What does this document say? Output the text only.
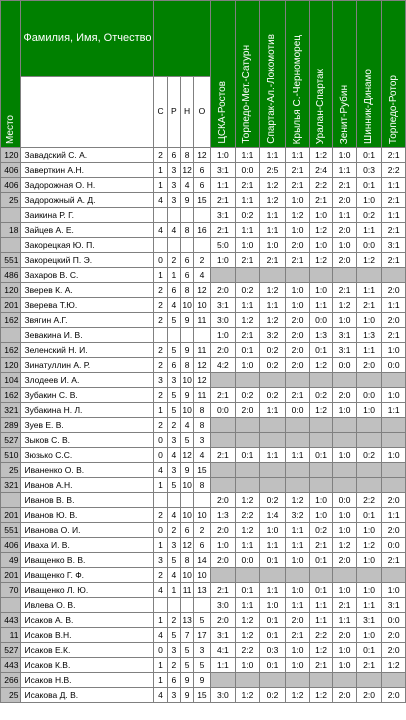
Место	Фамилия, Имя, Отчество					ЦСКА-Ростов	Торпедо-Мет.-Сатурн	Спартак-Ал.-Локомотив	Крылья С.-Черноморец	Уралан-Спартак	Зенит-Рубин	Шинник-Динамо	Торпедо-Ротор

		С	Р	Н	О								
120	Завадский С. А.	2	6	8	12	1:0	1:1	1:1	1:1	1:2	1:0	0:1	2:1
406	Заверткин А.Н.	1	3	12	6	3:1	0:0	2:5	2:1	2:4	1:1	0:3	2:2
406	Задорожная О. Н.	1	3	4	6	1:1	2:1	1:2	2:1	2:2	2:1	0:1	1:1
25	Задорожный А. Д.	4	3	9	15	2:1	1:1	1:2	1:0	2:1	2:0	1:0	2:1
	Заикина Р. Г.					3:1	0:2	1:1	1:2	1:0	1:1	0:2	1:1
18	Зайцев А. Е.	4	4	8	16	2:1	1:1	1:1	1:0	1:2	2:0	1:1	2:1
	Закорецкая Ю. П.					5:0	1:0	1:0	2:0	1:0	1:0	0:0	3:1
551	Закорецкий П. Э.	0	2	6	2	1:0	2:1	2:1	2:1	1:2	2:0	1:2	2:1
486	Захаров В. С.	1	1	6	4								
120	Зверев К. А.	2	6	8	12	2:0	0:2	1:2	1:0	1:0	2:1	1:1	2:0
201	Зверева Т.Ю.	2	4	10	10	3:1	1:1	1:1	1:0	1:1	1:2	2:1	1:1
162	Звягин А.Г.	2	5	9	11	3:0	1:2	1:2	2:0	0:0	1:0	1:0	2:0
	Зевакина И. В.					1:0	2:1	3:2	2:0	1:3	3:1	1:3	2:1
162	Зеленский Н. И.	2	5	9	11	2:0	0:1	0:2	2:0	0:1	3:1	1:1	1:0
120	Зинатуллин А. Р.	2	6	8	12	4:2	1:0	0:2	2:0	1:2	0:0	2:0	0:0
104	Злодеев И. А.	3	3	10	12								
162	Зубакин С. В.	2	5	9	11	2:1	0:2	0:2	2:1	0:2	2:0	0:0	1:0
321	Зубакина Н. Л.	1	5	10	8	0:0	2:0	1:1	0:0	1:2	1:0	1:0	1:1
289	Зуев Е. В.	2	2	4	8								
527	Зыков С. В.	0	3	5	3								
510	Зюзько С.С.	0	4	12	4	2:1	0:1	1:1	1:1	0:1	1:0	0:2	1:0
25	Иваненко О. В.	4	3	9	15								
321	Иванов А.Н.	1	5	10	8								
	Иванов В. В.					2:0	1:2	0:2	1:2	1:0	0:0	2:2	2:0
201	Иванов Ю. В.	2	4	10	10	1:3	2:2	1:4	3:2	1:0	1:0	0:1	1:1
551	Иванова О. И.	0	2	6	2	2:0	1:2	1:0	1:1	0:2	1:0	1:0	2:0
406	Иваха И. В.	1	3	12	6	1:0	1:1	1:1	1:1	2:1	1:2	1:2	0:0
49	Иващенко В. В.	3	5	8	14	2:0	0:0	0:1	1:0	0:1	2:0	1:0	2:1
201	Иващенко Г. Ф.	2	4	10	10								
70	Иващенко Л. Ю.	4	1	11	13	2:1	0:1	1:1	1:0	0:1	1:0	1:0	1:0
	Ивлева О. В.					3:0	1:1	1:0	1:1	1:1	2:1	1:1	3:1
443	Исаков А. В.	1	2	13	5	2:0	1:2	0:1	2:0	1:1	1:1	3:1	0:0
11	Исаков В.Н.	4	5	7	17	3:1	1:2	0:1	2:1	2:2	2:0	1:0	2:0
527	Исаков Е.К.	0	3	5	3	4:1	2:2	0:3	1:0	1:2	1:0	0:1	2:0
443	Исаков К.В.	1	2	5	5	1:1	1:0	0:1	1:0	2:1	1:0	2:1	1:2
266	Исаков Н.В.	1	6	9	9								
25	Исакова Д. В.	4	3	9	15	3:0	1:2	0:2	1:2	1:2	2:0	2:0	2:0
